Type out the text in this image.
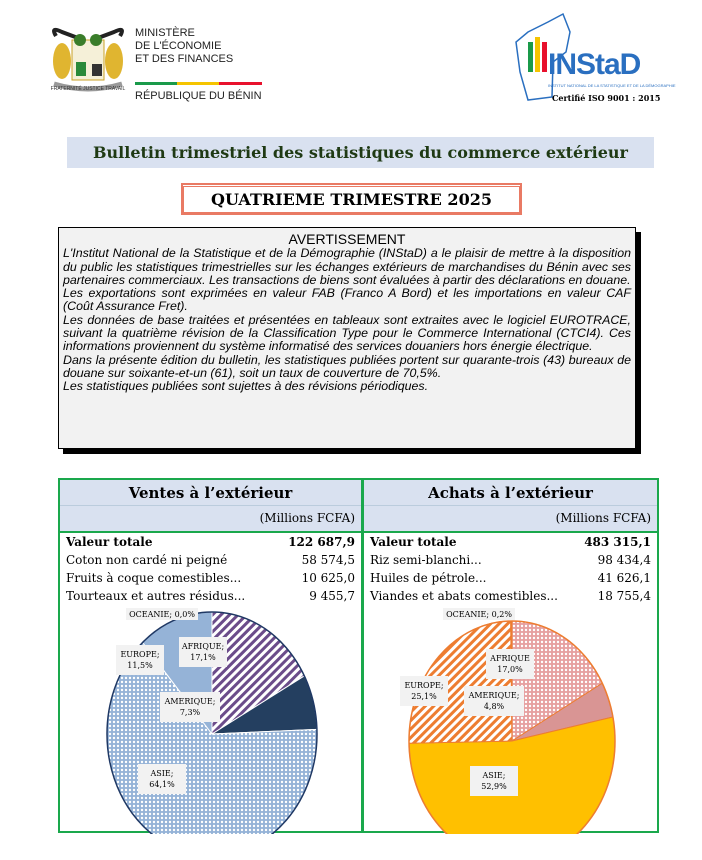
FRATERNITÉ JUSTICE TRAVAIL
MINISTÈRE
DE L'ÉCONOMIE
ET DES FINANCES
RÉPUBLIQUE DU BÉNIN
INStaD
INSTITUT NATIONAL DE LA STATISTIQUE ET DE LA DÉMOGRAPHIE
Certifié ISO 9001 : 2015
Bulletin trimestriel des statistiques du commerce extérieur
QUATRIEME TRIMESTRE 2025
AVERTISSEMENT

L'Institut National de la Statistique et de la Démographie (INStaD) a le plaisir de mettre à la disposition du public les statistiques trimestrielles sur les échanges extérieurs de marchandises du Bénin avec ses partenaires commerciaux. Les transactions de biens sont évaluées à partir des déclarations en douane.

Les exportations sont exprimées en valeur FAB (Franco A Bord) et les importations en valeur CAF (Coût Assurance Fret).

Les données de base traitées et présentées en tableaux sont extraites avec le logiciel EUROTRACE, suivant la quatrième révision de la Classification Type pour le Commerce International (CTCI4). Ces informations proviennent du système informatisé des services douaniers hors énergie électrique.

Dans la présente édition du bulletin, les statistiques publiées portent sur quarante-trois (43) bureaux de douane sur soixante-et-un (61), soit un taux de couverture de 70,5%.

Les statistiques publiées sont sujettes à des révisions périodiques.

Ventes à l’extérieur
(Millions FCFA)
Valeur totale	122 687,9
Coton non cardé ni peigné	58 574,5
Fruits à coque comestibles...	10 625,0
Tourteaux et autres résidus...	9 455,7
AFRIQUE; 17,1%
AMERIQUE; 7,3%
ASIE; 64,1%
EUROPE; 11,5%
OCEANIE; 0,0%
Achats à l’extérieur
(Millions FCFA)
Valeur totale	483 315,1
Riz semi-blanchi...	98 434,4
Huiles de pétrole...	41 626,1
Viandes et abats comestibles...	18 755,4
AFRIQUE 17,0%
AMERIQUE; 4,8%
ASIE; 52,9%
EUROPE; 25,1%
OCEANIE; 0,2%
